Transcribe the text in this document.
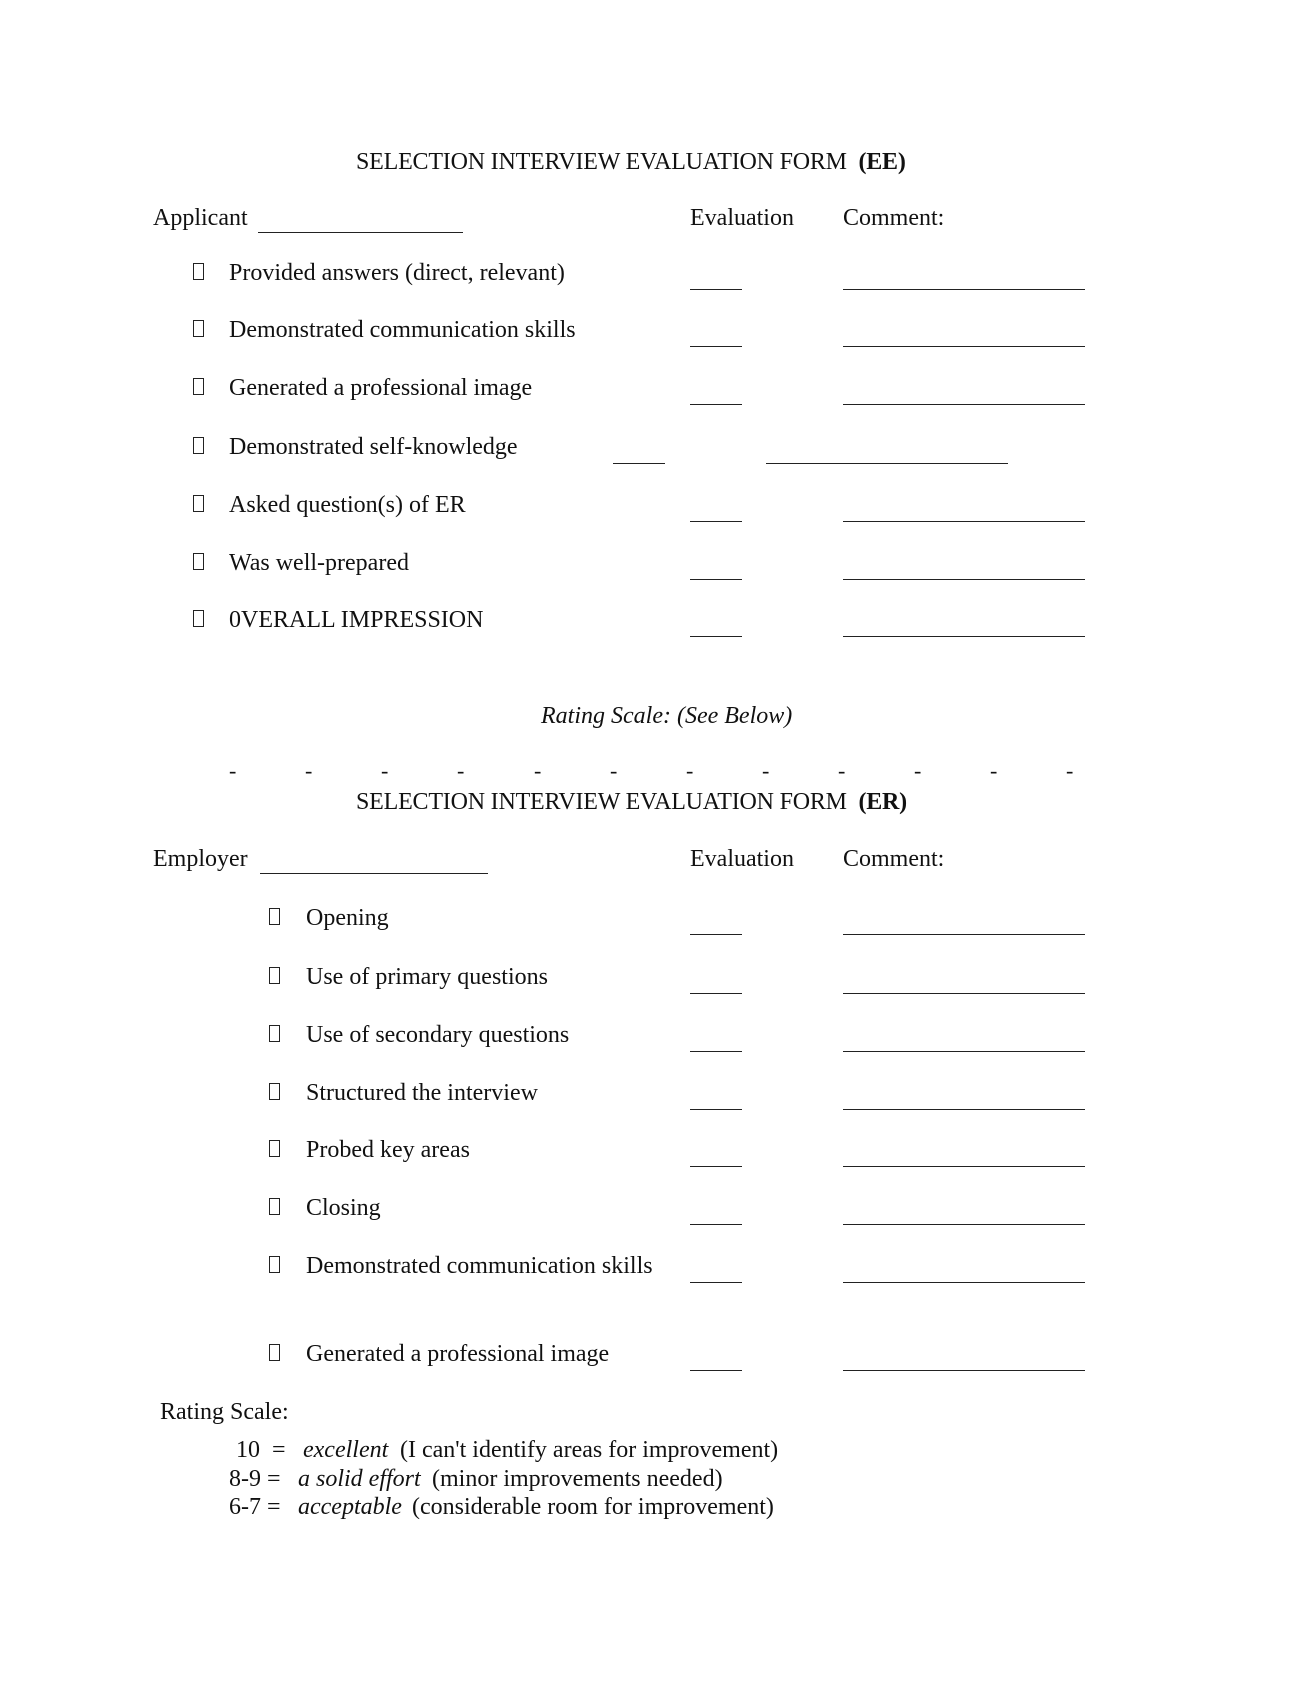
SELECTION INTERVIEW EVALUATION FORM (EE)
Applicant	Evaluation Comment:
Provided answers (direct, relevant)
Demonstrated communication skills
Generated a professional image
Demonstrated self-knowledge
Asked question(s) of ER
Was well-prepared
0VERALL IMPRESSION
Rating Scale: (See Below)
-	-	-	-	-	-	-	-	-	-	-	-
SELECTION INTERVIEW EVALUATION FORM (ER)
Employer	Evaluation Comment:
Opening
Use of primary questions
Use of secondary questions
Structured the interview
Probed key areas
Closing
Demonstrated communication skills
Generated a professional image
Rating Scale:
10  = excellent (I can't identify areas for improvement)
8-9 = a solid effort (minor improvements needed)
6-7 = acceptable (considerable room for improvement)
